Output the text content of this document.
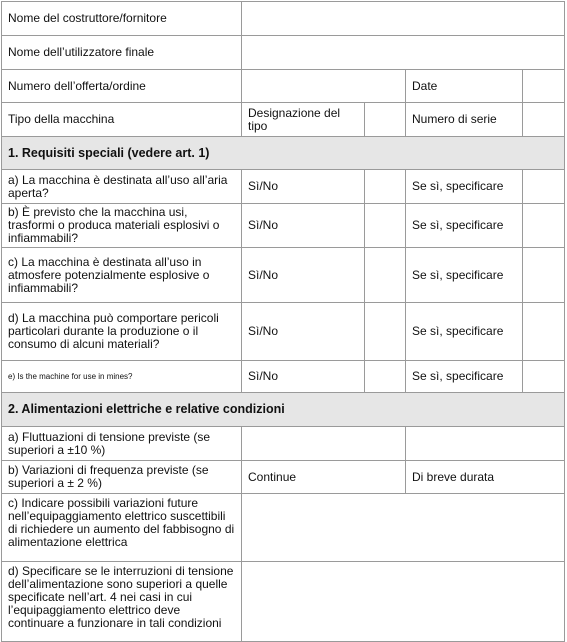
Nome del costruttore/fornitore				
Nome dell’utilizzatore finale				
Numero dell’offerta/ordine			Date	
Tipo della macchina	Designazione del tipo		Numero di serie	
1. Requisiti speciali (vedere art. 1)				
a) La macchina è destinata all’uso all’aria aperta?	Sì/No		Se sì, specificare	
b) È previsto che la macchina usi, trasformi o produca materiali esplosivi o infiammabili?	Sì/No		Se sì, specificare	
c) La macchina è destinata all’uso in atmosfere potenzialmente esplosive o infiammabili?	Sì/No		Se sì, specificare	
d) La macchina può comportare pericoli particolari durante la produzione o il consumo di alcuni materiali?	Sì/No		Se sì, specificare	
e) Is the machine for use in mines?	Sì/No		Se sì, specificare	
2. Alimentazioni elettriche e relative condizioni				
a) Fluttuazioni di tensione previste (se superiori a ±10 %)				
b) Variazioni di frequenza previste (se superiori a ± 2 %)	Continue		Di breve durata	
c) Indicare possibili variazioni future nell’equipaggiamento elettrico suscettibili di richiedere un aumento del fabbisogno di alimentazione elettrica				
d) Specificare se le interruzioni di tensione dell’alimentazione sono superiori a quelle specificate nell’art. 4 nei casi in cui l’equipaggiamento elettrico deve continuare a funzionare in tali condizioni				
